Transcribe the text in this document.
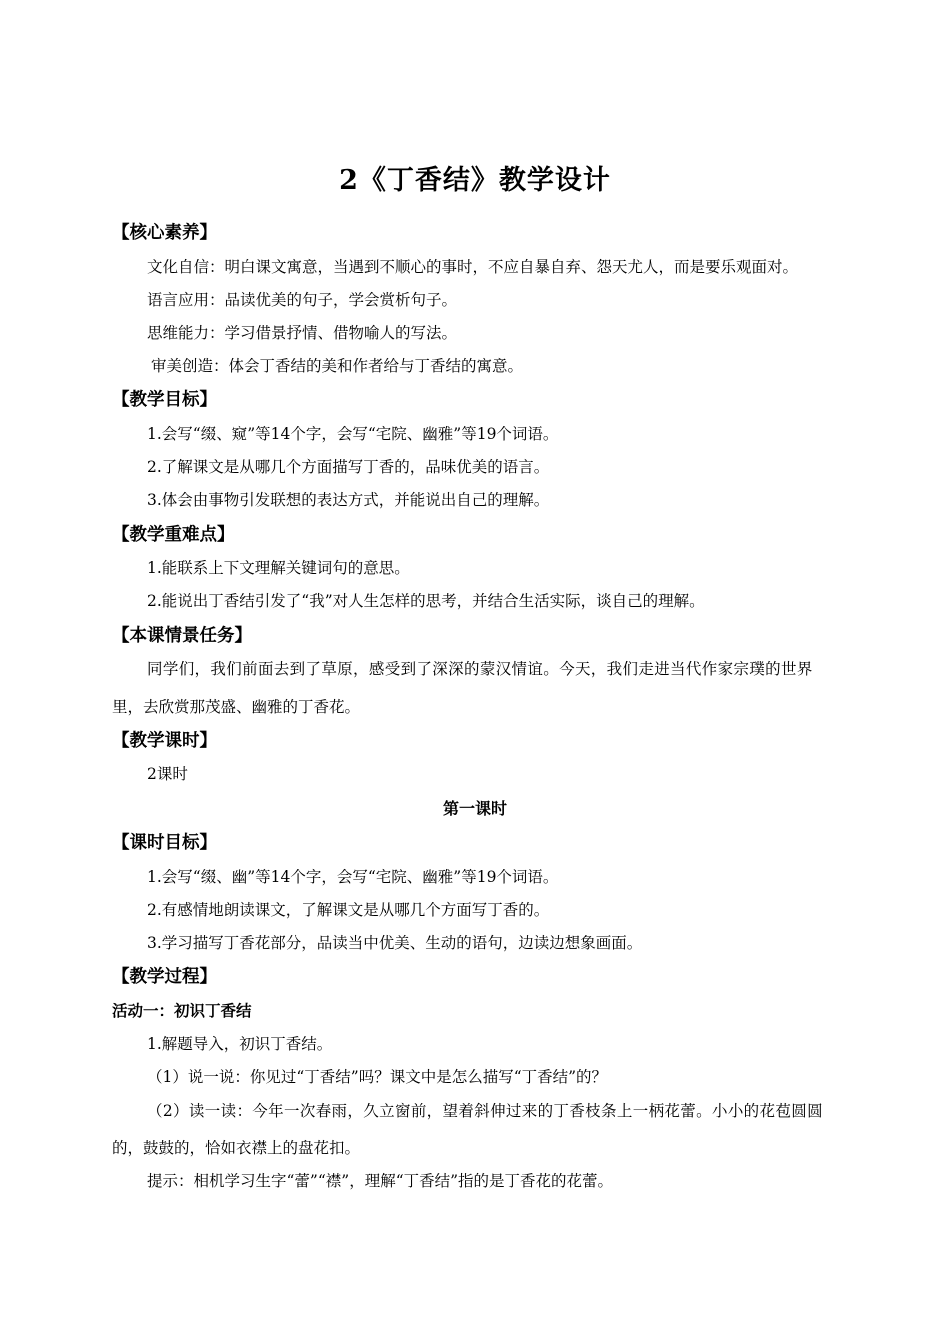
2《丁香结》教学设计
【核心素养】
文化自信：明白课文寓意，当遇到不顺心的事时，不应自暴自弃、怨天尤人，而是要乐观面对。
语言应用：品读优美的句子，学会赏析句子。
思维能力：学习借景抒情、借物喻人的写法。
审美创造：体会丁香结的美和作者给与丁香结的寓意。
【教学目标】
1.会写“缀、窥”等14个字，会写“宅院、幽雅”等19个词语。
2.了解课文是从哪几个方面描写丁香的，品味优美的语言。
3.体会由事物引发联想的表达方式，并能说出自己的理解。
【教学重难点】
1.能联系上下文理解关键词句的意思。
2.能说出丁香结引发了“我”对人生怎样的思考，并结合生活实际，谈自己的理解。
【本课情景任务】
同学们，我们前面去到了草原，感受到了深深的蒙汉情谊。今天，我们走进当代作家宗璞的世界
里，去欣赏那茂盛、幽雅的丁香花。
【教学课时】
2课时
第一课时
【课时目标】
1.会写“缀、幽”等14个字，会写“宅院、幽雅”等19个词语。
2.有感情地朗读课文，了解课文是从哪几个方面写丁香的。
3.学习描写丁香花部分，品读当中优美、生动的语句，边读边想象画面。
【教学过程】
活动一：初识丁香结
1.解题导入，初识丁香结。
（1）说一说：你见过“丁香结”吗？课文中是怎么描写“丁香结”的？
（2）读一读：今年一次春雨，久立窗前，望着斜伸过来的丁香枝条上一柄花蕾。小小的花苞圆圆
的，鼓鼓的，恰如衣襟上的盘花扣。
提示：相机学习生字“蕾”“襟”，理解“丁香结”指的是丁香花的花蕾。
